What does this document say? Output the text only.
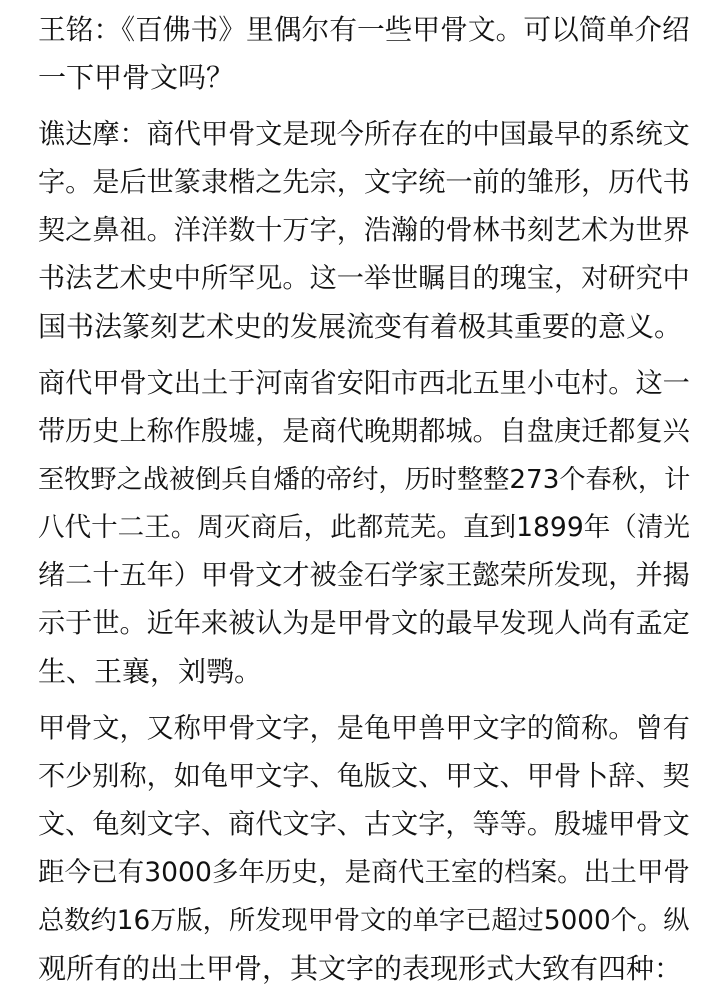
王铭：《百佛书》里偶尔有一些甲骨文。可以简单介绍
一下甲骨文吗？

谯达摩：商代甲骨文是现今所存在的中国最早的系统文
字。是后世篆隶楷之先宗，文字统一前的雏形，历代书
契之鼻祖。洋洋数十万字，浩瀚的骨林书刻艺术为世界
书法艺术史中所罕见。这一举世瞩目的瑰宝，对研究中
国书法篆刻艺术史的发展流变有着极其重要的意义。

商代甲骨文出土于河南省安阳市西北五里小屯村。这一
带历史上称作殷墟，是商代晚期都城。自盘庚迁都复兴
至牧野之战被倒兵自燔的帝纣，历时整整273个春秋，计
八代十二王。周灭商后，此都荒芜。直到1899年（清光
绪二十五年）甲骨文才被金石学家王懿荣所发现，并揭
示于世。近年来被认为是甲骨文的最早发现人尚有孟定
生、王襄，刘鹗。

甲骨文，又称甲骨文字，是龟甲兽甲文字的简称。曾有
不少别称，如龟甲文字、龟版文、甲文、甲骨卜辞、契
文、龟刻文字、商代文字、古文字，等等。殷墟甲骨文
距今已有3000多年历史，是商代王室的档案。出土甲骨
总数约16万版，所发现甲骨文的单字已超过5000个。纵
观所有的出土甲骨，其文字的表现形式大致有四种：
